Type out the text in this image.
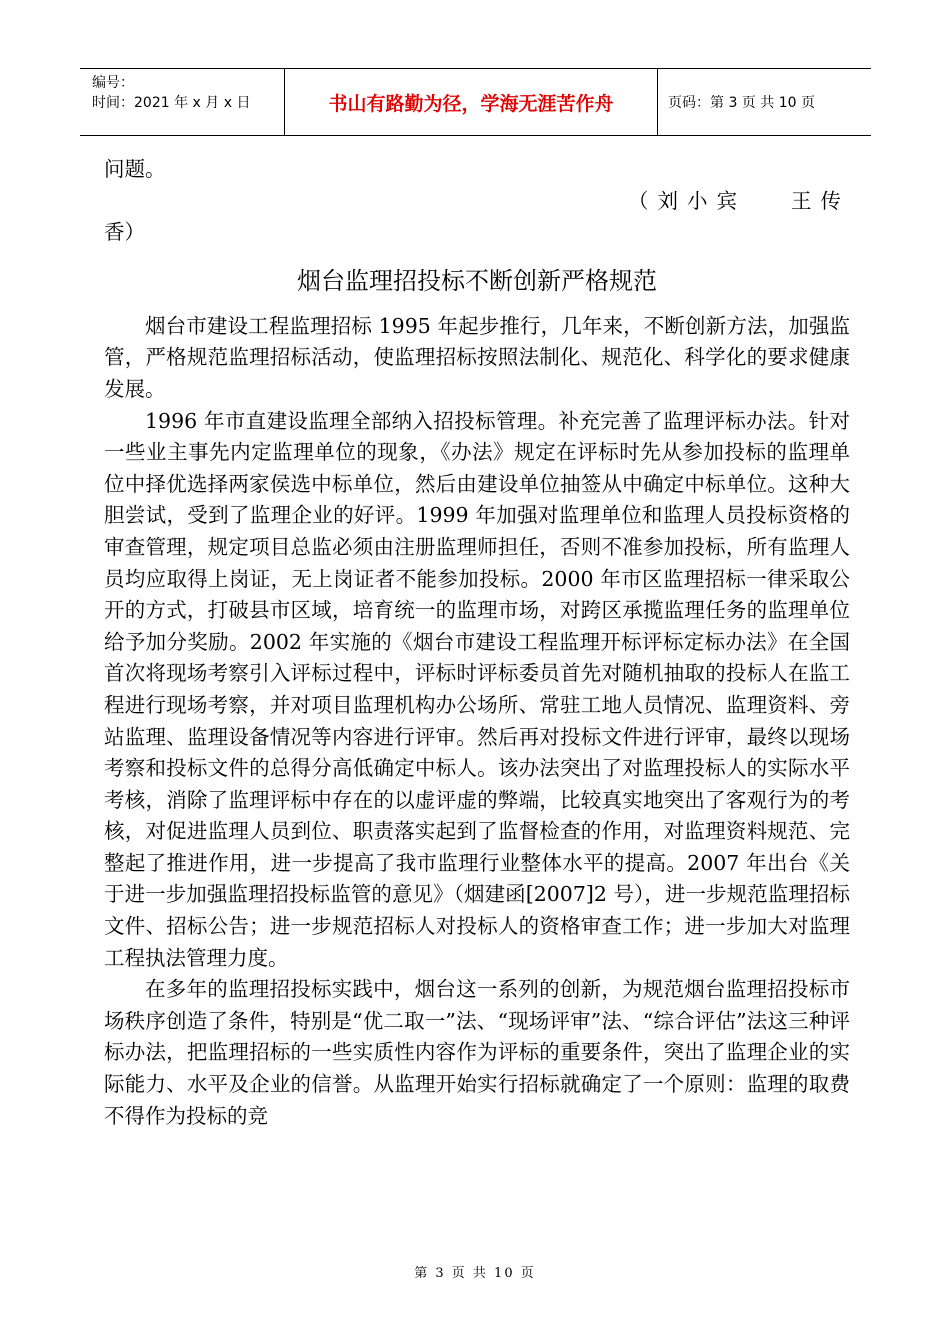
编号：
时间：2021 年 x 月 x 日	书山有路勤为径，学海无涯苦作舟	页码：第 3 页 共 10 页

问题。

（刘小宾　 王传

香）

烟台监理招投标不断创新严格规范

烟台市建设工程监理招标 1995 年起步推行，几年来，不断创新方法，加强监管，严格规范监理招标活动，使监理招标按照法制化、规范化、科学化的要求健康发展。

1996 年市直建设监理全部纳入招投标管理。补充完善了监理评标办法。针对一些业主事先内定监理单位的现象，《办法》规定在评标时先从参加投标的监理单位中择优选择两家侯选中标单位，然后由建设单位抽签从中确定中标单位。这种大胆尝试，受到了监理企业的好评。1999 年加强对监理单位和监理人员投标资格的审查管理，规定项目总监必须由注册监理师担任，否则不准参加投标，所有监理人员均应取得上岗证，无上岗证者不能参加投标。2000 年市区监理招标一律采取公开的方式，打破县市区域，培育统一的监理市场，对跨区承揽监理任务的监理单位给予加分奖励。2002 年实施的《烟台市建设工程监理开标评标定标办法》在全国首次将现场考察引入评标过程中，评标时评标委员首先对随机抽取的投标人在监工程进行现场考察，并对项目监理机构办公场所、常驻工地人员情况、监理资料、旁站监理、监理设备情况等内容进行评审。然后再对投标文件进行评审，最终以现场考察和投标文件的总得分高低确定中标人。该办法突出了对监理投标人的实际水平考核，消除了监理评标中存在的以虚评虚的弊端，比较真实地突出了客观行为的考核，对促进监理人员到位、职责落实起到了监督检查的作用，对监理资料规范、完整起了推进作用，进一步提高了我市监理行业整体水平的提高。2007 年出台《关于进一步加强监理招投标监管的意见》（烟建函[2007]2 号），进一步规范监理招标文件、招标公告；进一步规范招标人对投标人的资格审查工作；进一步加大对监理工程执法管理力度。

在多年的监理招投标实践中，烟台这一系列的创新，为规范烟台监理招投标市场秩序创造了条件，特别是“优二取一”法、“现场评审”法、“综合评估”法这三种评标办法，把监理招标的一些实质性内容作为评标的重要条件，突出了监理企业的实际能力、水平及企业的信誉。从监理开始实行招标就确定了一个原则：监理的取费不得作为投标的竞

第 3 页 共 10 页
